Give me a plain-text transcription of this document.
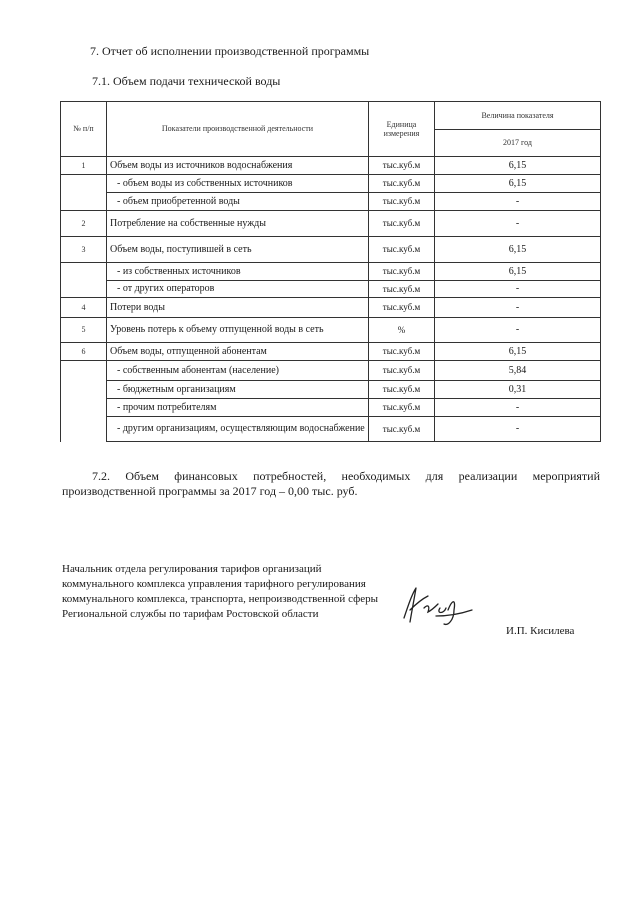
7. Отчет об исполнении производственной программы
7.1. Объем подачи технической воды
№ п/п	Показатели производственной деятельности	Единица измерения	Величина показателя
			2017 год
1	Объем воды из источников водоснабжения	тыс.куб.м	6,15
	- объем воды из собственных источников	тыс.куб.м	6,15
	- объем приобретенной воды	тыс.куб.м	-
2	Потребление на собственные нужды	тыс.куб.м	-
3	Объем воды, поступившей в сеть	тыс.куб.м	6,15
	- из собственных источников	тыс.куб.м	6,15
	- от других операторов	тыс.куб.м	-
4	Потери воды	тыс.куб.м	-
5	Уровень потерь к объему отпущенной воды в сеть	%	-
6	Объем воды, отпущенной абонентам	тыс.куб.м	6,15
	- собственным абонентам (население)	тыс.куб.м	5,84
	- бюджетным организациям	тыс.куб.м	0,31
	- прочим потребителям	тыс.куб.м	-
	- другим организациям, осуществляющим водоснабжение	тыс.куб.м	-
7.2. Объем финансовых потребностей, необходимых для реализации мероприятий производственной программы за 2017 год – 0,00 тыс. руб.
Начальник отдела регулирования тарифов организаций коммунального комплекса управления тарифного регулирования коммунального комплекса, транспорта, непроизводственной сферы Региональной службы по тарифам Ростовской области
И.П. Кисилева
